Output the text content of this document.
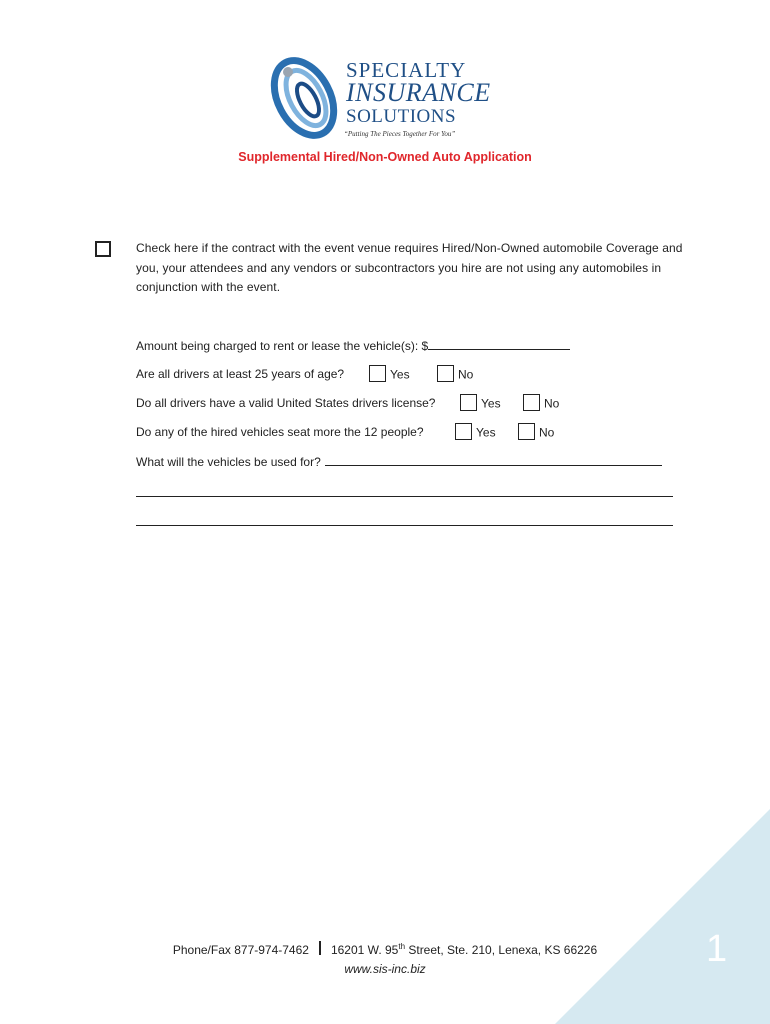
SPECIALTY
INSURANCE
SOLUTIONS
“Putting The Pieces Together For You”
Supplemental Hired/Non-Owned Auto Application
Check here if the contract with the event venue requires Hired/Non-Owned automobile Coverage and you, your attendees and any vendors or subcontractors you hire are not using any automobiles in conjunction with the event.
Amount being charged to rent or lease the vehicle(s): $
Are all drivers at least 25 years of age?	Yes	No
Do all drivers have a valid United States drivers license?	Yes	No
Do any of the hired vehicles seat more the 12 people?	Yes	No
What will the vehicles be used for?
1
Phone/Fax 877-974-7462 16201 W. 95th Street, Ste. 210, Lenexa, KS 66226
www.sis-inc.biz
